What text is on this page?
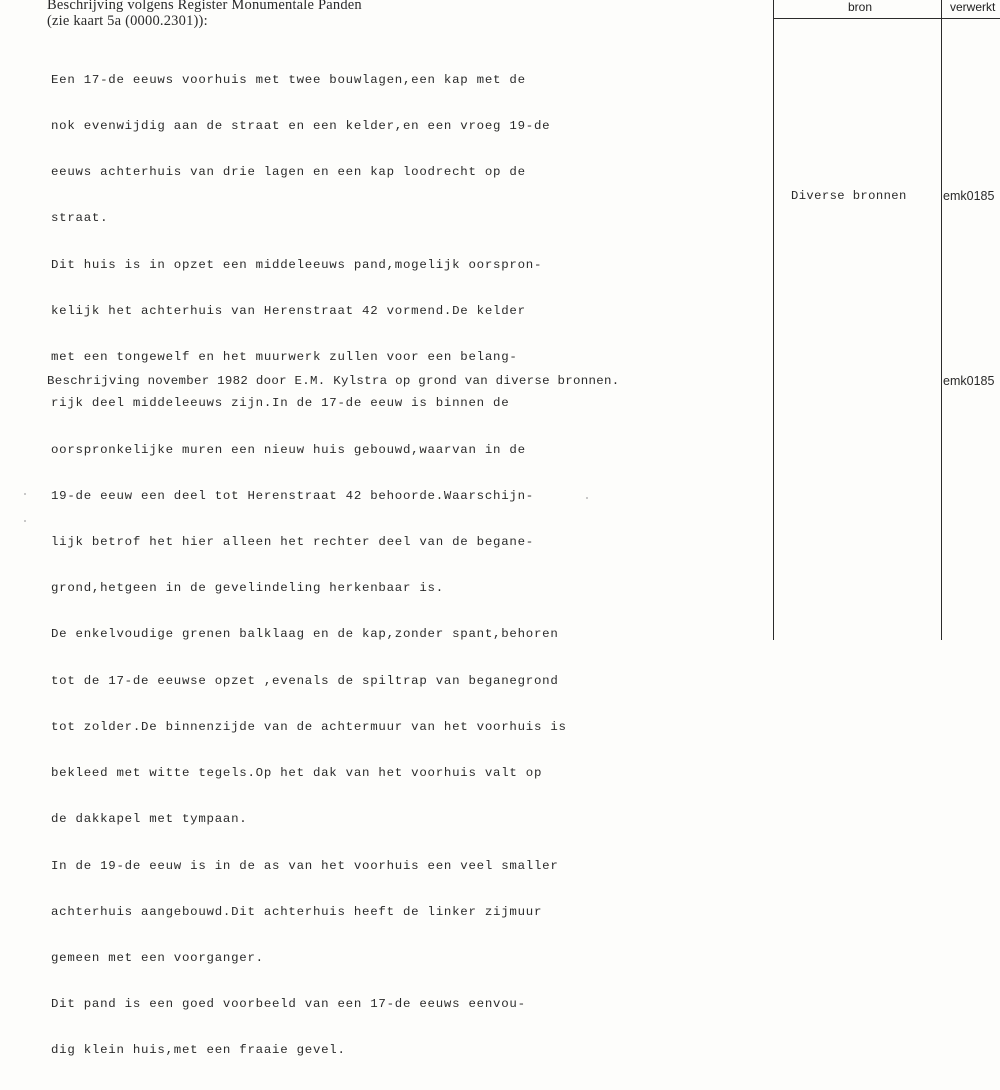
Beschrijving volgens Register Monumentale Panden
(zie kaart 5a (0000.2301)):

Een 17-de eeuws voorhuis met twee bouwlagen,een kap met de

nok evenwijdig aan de straat en een kelder,en een vroeg 19-de

eeuws achterhuis van drie lagen en een kap loodrecht op de

straat.

Dit huis is in opzet een middeleeuws pand,mogelijk oorspron-

kelijk het achterhuis van Herenstraat 42 vormend.De kelder

met een tongewelf en het muurwerk zullen voor een belang-

rijk deel middeleeuws zijn.In de 17-de eeuw is binnen de

oorspronkelijke muren een nieuw huis gebouwd,waarvan in de

19-de eeuw een deel tot Herenstraat 42 behoorde.Waarschijn-

lijk betrof het hier alleen het rechter deel van de begane-

grond,hetgeen in de gevelindeling herkenbaar is.

De enkelvoudige grenen balklaag en de kap,zonder spant,behoren

tot de 17-de eeuwse opzet ,evenals de spiltrap van beganegrond

tot zolder.De binnenzijde van de achtermuur van het voorhuis is

bekleed met witte tegels.Op het dak van het voorhuis valt op

de dakkapel met tympaan.

In de 19-de eeuw is in de as van het voorhuis een veel smaller

achterhuis aangebouwd.Dit achterhuis heeft de linker zijmuur

gemeen met een voorganger.

Dit pand is een goed voorbeeld van een 17-de eeuws eenvou-

dig klein huis,met een fraaie gevel.

Beschrijving november 1982 door E.M. Kylstra op grond van diverse bronnen.
bron	verwerkt
Diverse bronnen	emk0185
emk0185
